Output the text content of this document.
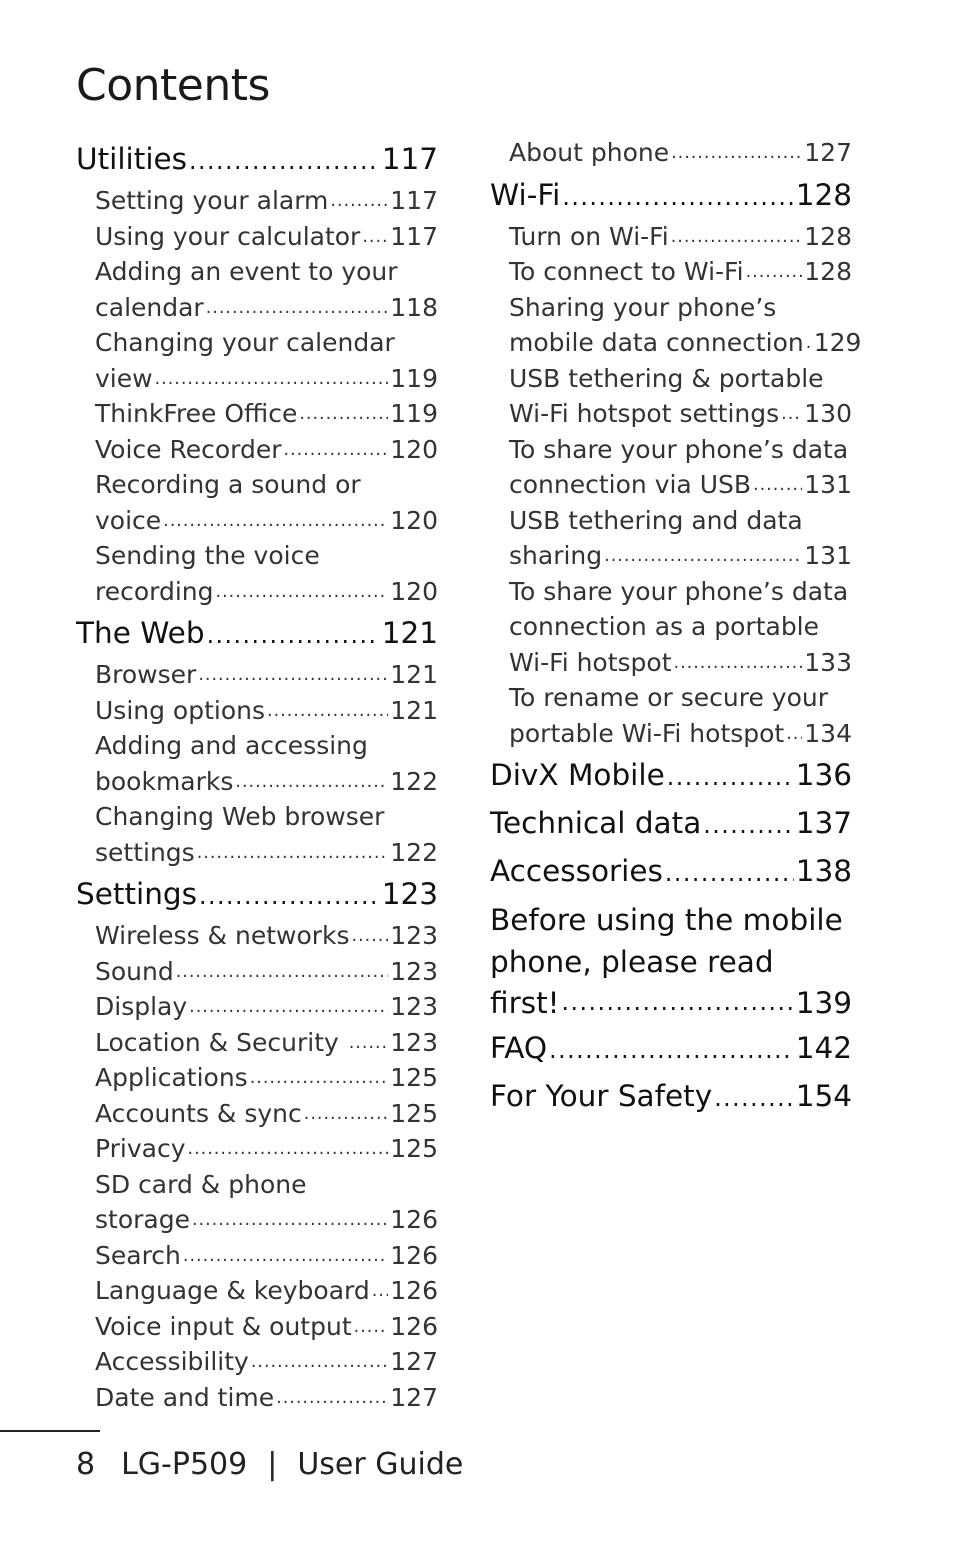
Contents
Utilities .....	117
Setting your alarm ..... 117
Using your calculator ..... 117
Adding an event to your
calendar .....	118
Changing your calendar
view .....	119
ThinkFree Office .....	119
Voice Recorder .....	120
Recording a sound or
voice .....	120
Sending the voice
recording .....	120
The Web .....	121
Browser .....	121
Using options .....	121
Adding and accessing
bookmarks .....	122
Changing Web browser
settings .....	122
Settings .....	123
Wireless & networks ..... 123
Sound .....	123
Display .....	123
Location & Security ..... 123
Applications .....	125
Accounts & sync .....	125
Privacy .....	125
SD card & phone
storage .....	126
Search .....	126
Language & keyboard ..... 126
Voice input & output ..... 126
Accessibility .....	127
Date and time .....	127
About phone .....	127
Wi-Fi .....	128
Turn on Wi-Fi .....	128
To connect to Wi-Fi ..... 128
Sharing your phone’s
mobile data connection ..... 129
USB tethering & portable
Wi-Fi hotspot settings ..... 130
To share your phone’s data
connection via USB ..... 131
USB tethering and data
sharing .....	131
To share your phone’s data
connection as a portable
Wi-Fi hotspot .....	133
To rename or secure your
portable Wi-Fi hotspot ..... 134
DivX Mobile .....	136
Technical data .....	137
Accessories .....	138
Before using the mobile
phone, please read
first! .....	139
FAQ .....	142
For Your Safety .....	154
8 LG-P509 | User Guide
